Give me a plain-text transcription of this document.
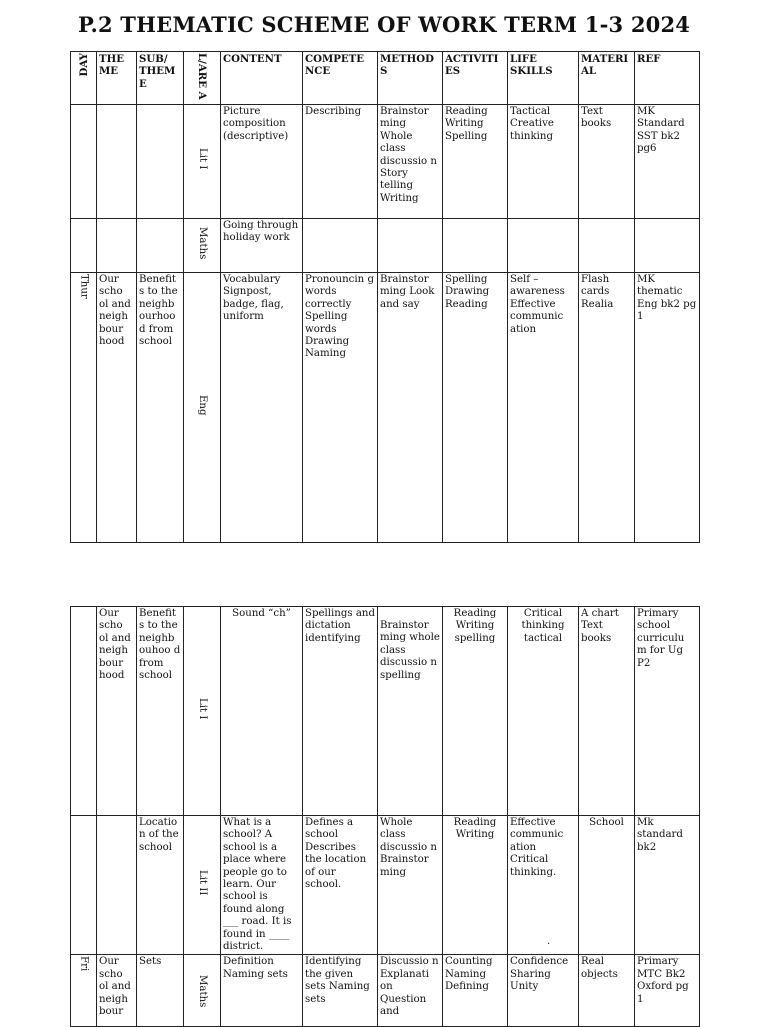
P.2 THEMATIC SCHEME OF WORK TERM 1-3 2024
DAY	THE ME	SUB/ THEM E	L/ARE A	CONTENT	COMPETE NCE	METHOD S	ACTIVITI ES	LIFE SKILLS	MATERI AL	REF
			Lit I	Picture composition (descriptive)	Describing	Brainstor ming Whole class discussio n Story telling Writing	Reading Writing Spelling	Tactical Creative thinking	Text books	MK Standard SST bk2 pg6
			Maths	Going through holiday work						
Thur	Our scho ol and neigh bour hood	Benefit s to the neighb ourhoo d from school	Eng	Vocabulary Signpost, badge, flag, uniform	Pronouncin g words correctly Spelling words Drawing Naming	Brainstor ming Look and say	Spelling Drawing Reading	Self – awareness Effective communic ation	Flash cards Realia	MK thematic Eng bk2 pg 1
	Our scho ol and neigh bour hood	Benefit s to the neighb ouhoo d from school	Lit I	Sound “ch”	Spellings and dictation identifying	Brainstor ming whole class discussio n spelling	Reading Writing spelling	Critical thinking tactical	A chart Text books	Primary school curriculu m for Ug P2
		Locatio n of the school	Lit II	What is a school? A school is a place where people go to learn. Our school is found along ___ road. It is found in ____ district.	Defines a school Describes the location of our school.	Whole class discussio n Brainstor ming	Reading Writing	Effective communic ation Critical thinking.	School	Mk standard bk2
Fri	Our scho ol and neigh bour	Sets	Maths	Definition Naming sets	Identifying the given sets Naming sets	Discussio n Explanati on Question and	Counting Naming Defining	Confidence Sharing Unity	Real objects	Primary MTC Bk2 Oxford pg 1
.
